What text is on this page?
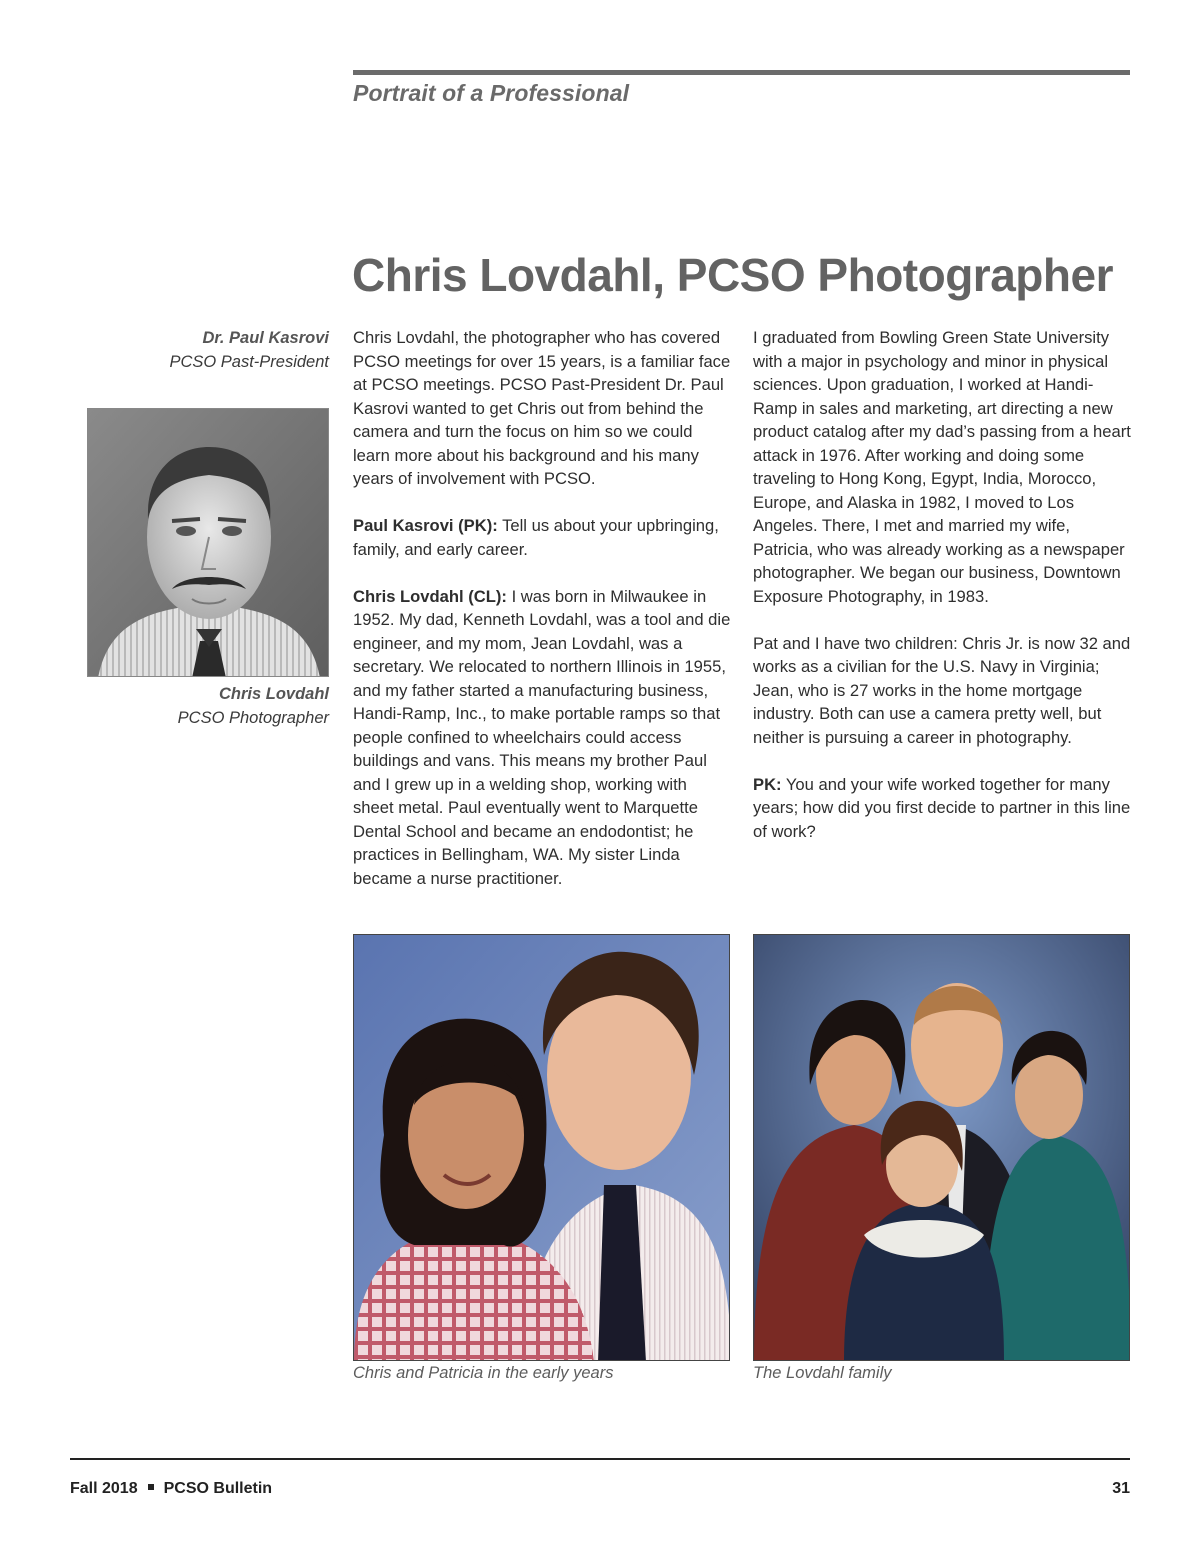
Portrait of a Professional
Chris Lovdahl, PCSO Photographer
Dr. Paul Kasrovi
PCSO Past-President
Chris Lovdahl
PCSO Photographer

Chris Lovdahl, the photographer who has covered PCSO meetings for over 15 years, is a familiar face at PCSO meetings. PCSO Past-President Dr. Paul Kasrovi wanted to get Chris out from behind the camera and turn the focus on him so we could learn more about his background and his many years of involvement with PCSO.

Paul Kasrovi (PK): Tell us about your upbringing, family, and early career.

Chris Lovdahl (CL): I was born in Milwaukee in 1952. My dad, Kenneth Lovdahl, was a tool and die engineer, and my mom, Jean Lovdahl, was a secretary. We relocated to northern Illinois in 1955, and my father started a manufacturing business, Handi-Ramp, Inc., to make portable ramps so that people confined to wheelchairs could access buildings and vans. This means my brother Paul and I grew up in a welding shop, working with sheet metal. Paul eventually went to Marquette Dental School and became an endodontist; he practices in Bellingham, WA. My sister Linda became a nurse practitioner.

I graduated from Bowling Green State University with a major in psychology and minor in physical sciences. Upon graduation, I worked at Handi-Ramp in sales and marketing, art directing a new product catalog after my dad’s passing from a heart attack in 1976. After working and doing some traveling to Hong Kong, Egypt, India, Morocco, Europe, and Alaska in 1982, I moved to Los Angeles. There, I met and married my wife, Patricia, who was already working as a newspaper photographer. We began our business, Downtown Exposure Photography, in 1983.

Pat and I have two children: Chris Jr. is now 32 and works as a civilian for the U.S. Navy in Virginia; Jean, who is 27 works in the home mortgage industry. Both can use a camera pretty well, but neither is pursuing a career in photography.

PK: You and your wife worked together for many years; how did you first decide to partner in this line of work?

Chris and Patricia in the early years	The Lovdahl family
Fall 2018 PCSO Bulletin	31
